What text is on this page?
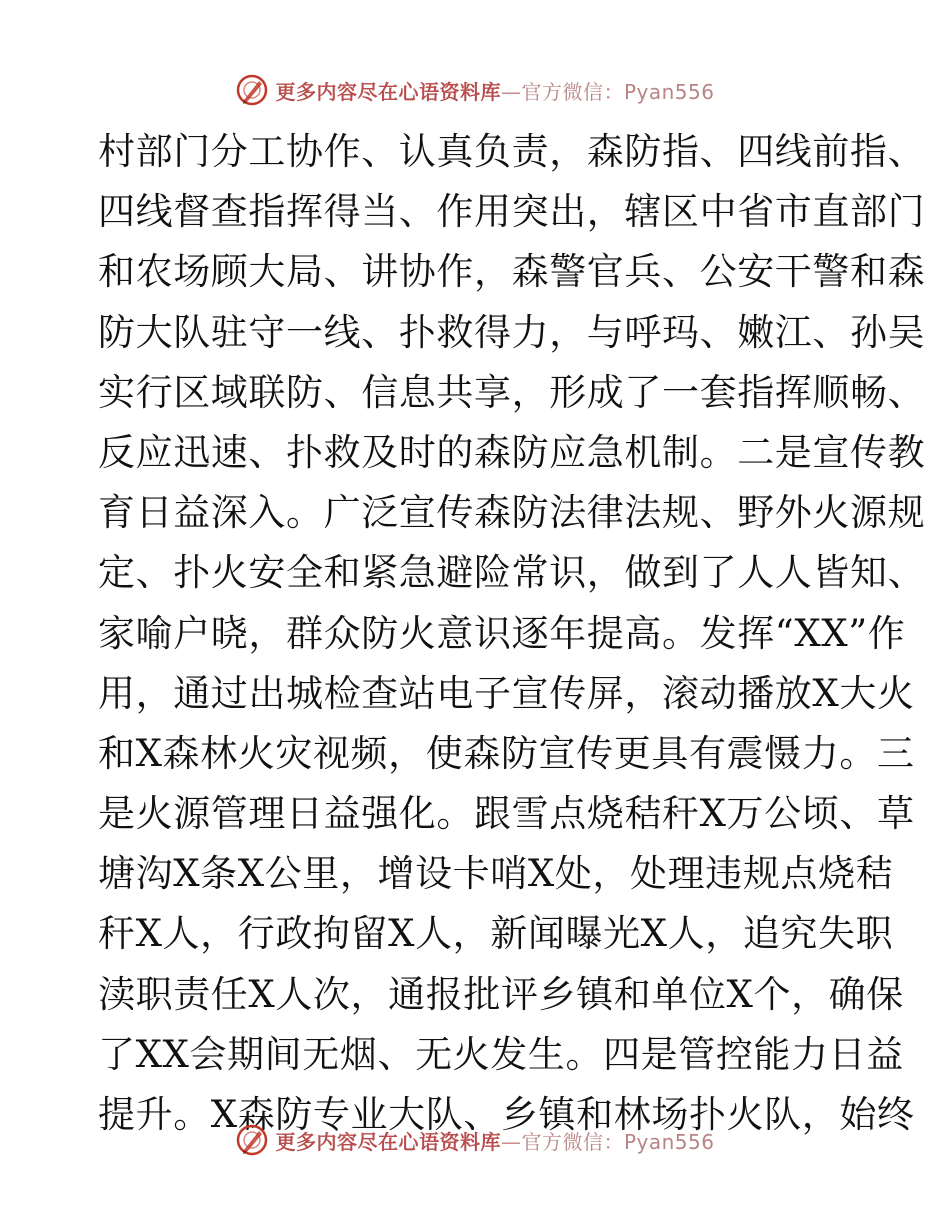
更多内容尽在心语资料库—官方微信：Pyan556
村部门分工协作、认真负责，森防指、四线前指、
四线督查指挥得当、作用突出，辖区中省市直部门
和农场顾大局、讲协作，森警官兵、公安干警和森
防大队驻守一线、扑救得力，与呼玛、嫩江、孙吴
实行区域联防、信息共享，形成了一套指挥顺畅、
反应迅速、扑救及时的森防应急机制。二是宣传教
育日益深入。广泛宣传森防法律法规、野外火源规
定、扑火安全和紧急避险常识，做到了人人皆知、
家喻户晓，群众防火意识逐年提高。发挥“XX”作
用，通过出城检查站电子宣传屏，滚动播放X大火
和X森林火灾视频，使森防宣传更具有震慑力。三
是火源管理日益强化。跟雪点烧秸秆X万公顷、草
塘沟X条X公里，增设卡哨X处，处理违规点烧秸
秆X人，行政拘留X人，新闻曝光X人，追究失职
渎职责任X人次，通报批评乡镇和单位X个，确保
了XX会期间无烟、无火发生。四是管控能力日益
提升。X森防专业大队、乡镇和林场扑火队，始终
更多内容尽在心语资料库—官方微信：Pyan556
